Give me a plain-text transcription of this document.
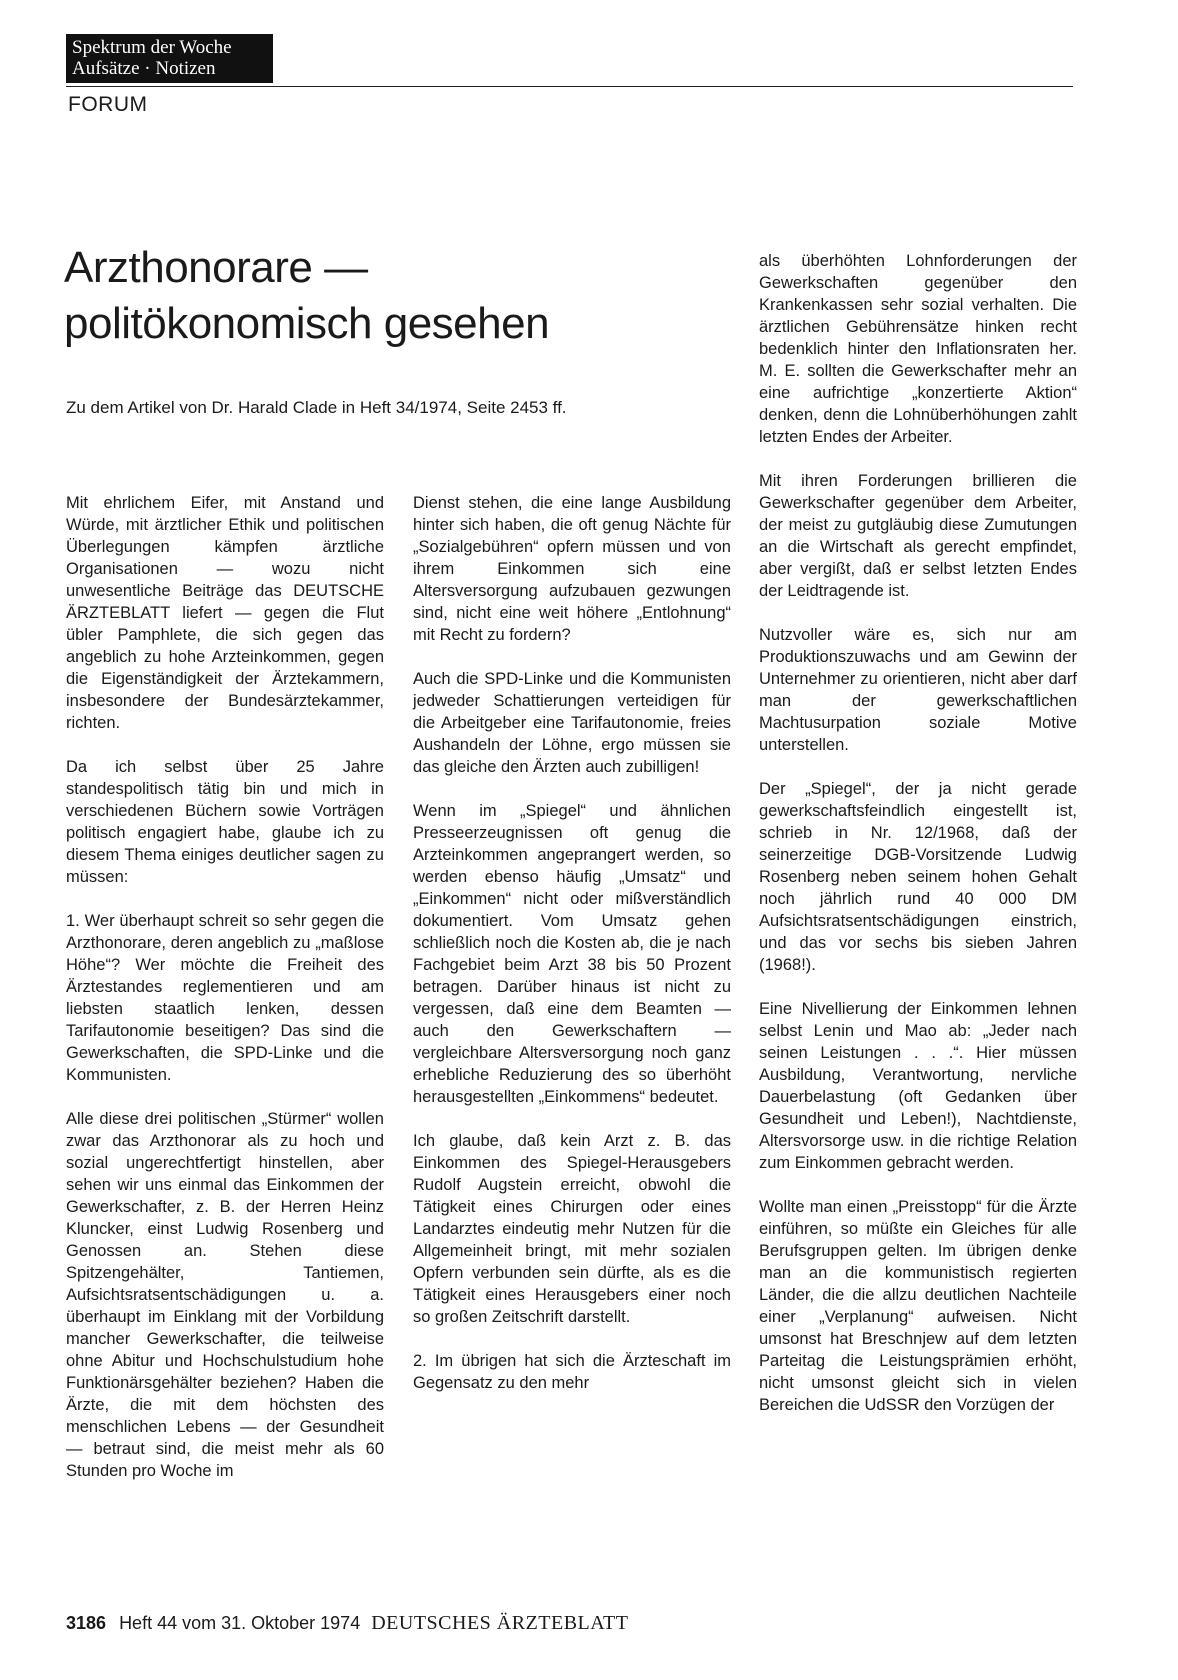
Spektrum der Woche
Aufsätze · Notizen
FORUM
Arzthonorare —
politökonomisch gesehen
Zu dem Artikel von Dr. Harald Clade in Heft 34/1974, Seite 2453 ff.

Mit ehrlichem Eifer, mit Anstand und Würde, mit ärztlicher Ethik und politischen Überlegungen kämpfen ärztliche Organisationen — wozu nicht unwesentliche Beiträge das DEUTSCHE ÄRZTEBLATT liefert — gegen die Flut übler Pamphlete, die sich gegen das angeblich zu hohe Arzteinkommen, gegen die Eigenständigkeit der Ärztekammern, insbesondere der Bundesärztekammer, richten.

Da ich selbst über 25 Jahre standespolitisch tätig bin und mich in verschiedenen Büchern sowie Vorträgen politisch engagiert habe, glaube ich zu diesem Thema einiges deutlicher sagen zu müssen:

1. Wer überhaupt schreit so sehr gegen die Arzthonorare, deren angeblich zu „maßlose Höhe“? Wer möchte die Freiheit des Ärztestandes reglementieren und am liebsten staatlich lenken, dessen Tarifautonomie beseitigen? Das sind die Gewerkschaften, die SPD-Linke und die Kommunisten.

Alle diese drei politischen „Stürmer“ wollen zwar das Arzthonorar als zu hoch und sozial ungerechtfertigt hinstellen, aber sehen wir uns einmal das Einkommen der Gewerkschafter, z. B. der Herren Heinz Kluncker, einst Ludwig Rosenberg und Genossen an. Stehen diese Spitzengehälter, Tantiemen, Aufsichtsratsentschädigungen u. a. überhaupt im Einklang mit der Vorbildung mancher Gewerkschafter, die teilweise ohne Abitur und Hochschulstudium hohe Funktionärsgehälter beziehen? Haben die Ärzte, die mit dem höchsten des menschlichen Lebens — der Gesundheit — betraut sind, die meist mehr als 60 Stunden pro Woche im

Dienst stehen, die eine lange Ausbildung hinter sich haben, die oft genug Nächte für „Sozialgebühren“ opfern müssen und von ihrem Einkommen sich eine Altersversorgung aufzubauen gezwungen sind, nicht eine weit höhere „Entlohnung“ mit Recht zu fordern?

Auch die SPD-Linke und die Kommunisten jedweder Schattierungen verteidigen für die Arbeitgeber eine Tarifautonomie, freies Aushandeln der Löhne, ergo müssen sie das gleiche den Ärzten auch zubilligen!

Wenn im „Spiegel“ und ähnlichen Presseerzeugnissen oft genug die Arzteinkommen angeprangert werden, so werden ebenso häufig „Umsatz“ und „Einkommen“ nicht oder mißverständlich dokumentiert. Vom Umsatz gehen schließlich noch die Kosten ab, die je nach Fachgebiet beim Arzt 38 bis 50 Prozent betragen. Darüber hinaus ist nicht zu vergessen, daß eine dem Beamten — auch den Gewerkschaftern — vergleichbare Altersversorgung noch ganz erhebliche Reduzierung des so überhöht herausgestellten „Einkommens“ bedeutet.

Ich glaube, daß kein Arzt z. B. das Einkommen des Spiegel-Herausgebers Rudolf Augstein erreicht, obwohl die Tätigkeit eines Chirurgen oder eines Landarztes eindeutig mehr Nutzen für die Allgemeinheit bringt, mit mehr sozialen Opfern verbunden sein dürfte, als es die Tätigkeit eines Herausgebers einer noch so großen Zeitschrift darstellt.

2. Im übrigen hat sich die Ärzteschaft im Gegensatz zu den mehr

als überhöhten Lohnforderungen der Gewerkschaften gegenüber den Krankenkassen sehr sozial verhalten. Die ärztlichen Gebührensätze hinken recht bedenklich hinter den Inflationsraten her. M. E. sollten die Gewerkschafter mehr an eine aufrichtige „konzertierte Aktion“ denken, denn die Lohnüberhöhungen zahlt letzten Endes der Arbeiter.

Mit ihren Forderungen brillieren die Gewerkschafter gegenüber dem Arbeiter, der meist zu gutgläubig diese Zumutungen an die Wirtschaft als gerecht empfindet, aber vergißt, daß er selbst letzten Endes der Leidtragende ist.

Nutzvoller wäre es, sich nur am Produktionszuwachs und am Gewinn der Unternehmer zu orientieren, nicht aber darf man der gewerkschaftlichen Machtusurpation soziale Motive unterstellen.

Der „Spiegel“, der ja nicht gerade gewerkschaftsfeindlich eingestellt ist, schrieb in Nr. 12/1968, daß der seinerzeitige DGB-Vorsitzende Ludwig Rosenberg neben seinem hohen Gehalt noch jährlich rund 40 000 DM Aufsichtsratsentschädigungen einstrich, und das vor sechs bis sieben Jahren (1968!).

Eine Nivellierung der Einkommen lehnen selbst Lenin und Mao ab: „Jeder nach seinen Leistungen . . .“. Hier müssen Ausbildung, Verantwortung, nervliche Dauerbelastung (oft Gedanken über Gesundheit und Leben!), Nachtdienste, Altersvorsorge usw. in die richtige Relation zum Einkommen gebracht werden.

Wollte man einen „Preisstopp“ für die Ärzte einführen, so müßte ein Gleiches für alle Berufsgruppen gelten. Im übrigen denke man an die kommunistisch regierten Länder, die die allzu deutlichen Nachteile einer „Verplanung“ aufweisen. Nicht umsonst hat Breschnjew auf dem letzten Parteitag die Leistungsprämien erhöht, nicht umsonst gleicht sich in vielen Bereichen die UdSSR den Vorzügen der

3186 Heft 44 vom 31. Oktober 1974 DEUTSCHES ÄRZTEBLATT
